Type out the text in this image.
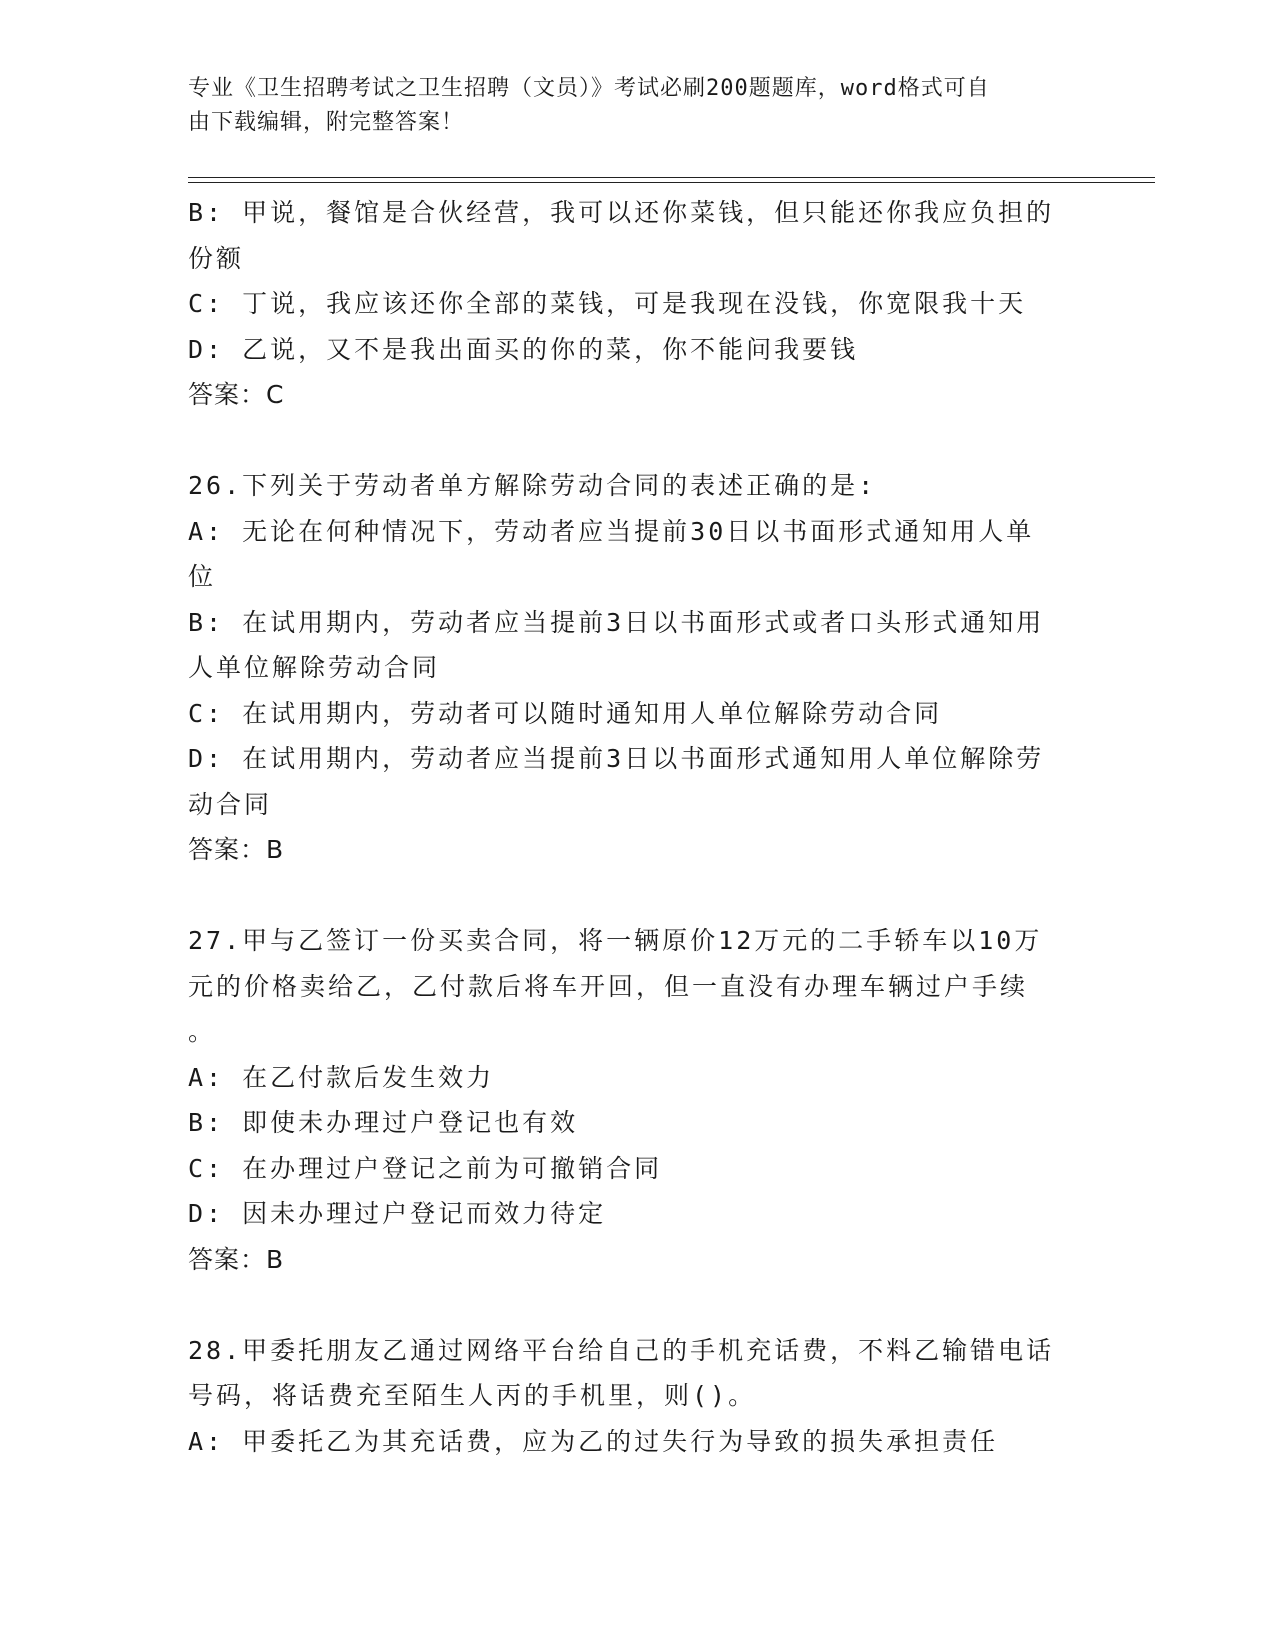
专业《卫生招聘考试之卫生招聘（文员）》考试必刷200题题库，word格式可自
由下载编辑，附完整答案！
B: 甲说，餐馆是合伙经营，我可以还你菜钱，但只能还你我应负担的
份额
C: 丁说，我应该还你全部的菜钱，可是我现在没钱，你宽限我十天
D: 乙说，又不是我出面买的你的菜，你不能问我要钱
答案：C
26.下列关于劳动者单方解除劳动合同的表述正确的是:
A: 无论在何种情况下，劳动者应当提前30日以书面形式通知用人单
位
B: 在试用期内，劳动者应当提前3日以书面形式或者口头形式通知用
人单位解除劳动合同
C: 在试用期内，劳动者可以随时通知用人单位解除劳动合同
D: 在试用期内，劳动者应当提前3日以书面形式通知用人单位解除劳
动合同
答案：B
27.甲与乙签订一份买卖合同，将一辆原价12万元的二手轿车以10万
元的价格卖给乙，乙付款后将车开回，但一直没有办理车辆过户手续
。
A: 在乙付款后发生效力
B: 即使未办理过户登记也有效
C: 在办理过户登记之前为可撤销合同
D: 因未办理过户登记而效力待定
答案：B
28.甲委托朋友乙通过网络平台给自己的手机充话费，不料乙输错电话
号码，将话费充至陌生人丙的手机里，则()。
A: 甲委托乙为其充话费，应为乙的过失行为导致的损失承担责任
